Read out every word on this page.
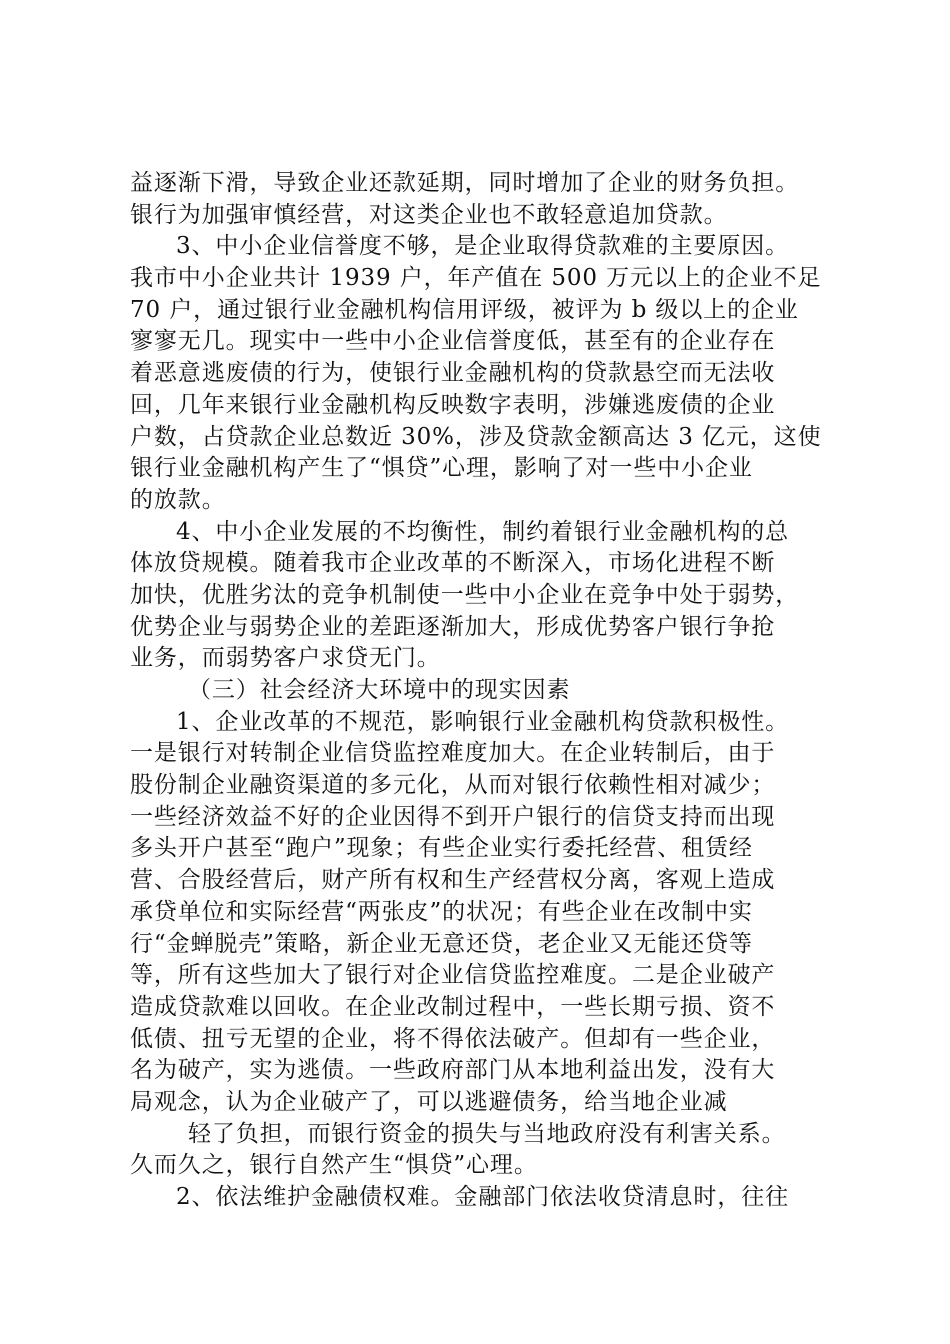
益逐渐下滑，导致企业还款延期，同时增加了企业的财务负担。
银行为加强审慎经营，对这类企业也不敢轻意追加贷款。
3、中小企业信誉度不够，是企业取得贷款难的主要原因。
我市中小企业共计 1939 户，年产值在 500 万元以上的企业不足
70 户，通过银行业金融机构信用评级，被评为 b 级以上的企业
寥寥无几。现实中一些中小企业信誉度低，甚至有的企业存在
着恶意逃废债的行为，使银行业金融机构的贷款悬空而无法收
回，几年来银行业金融机构反映数字表明，涉嫌逃废债的企业
户数，占贷款企业总数近 30%，涉及贷款金额高达 3 亿元，这使
银行业金融机构产生了“惧贷”心理，影响了对一些中小企业
的放款。
4、中小企业发展的不均衡性，制约着银行业金融机构的总
体放贷规模。随着我市企业改革的不断深入，市场化进程不断
加快，优胜劣汰的竞争机制使一些中小企业在竞争中处于弱势，
优势企业与弱势企业的差距逐渐加大，形成优势客户银行争抢
业务，而弱势客户求贷无门。
（三）社会经济大环境中的现实因素
1、企业改革的不规范，影响银行业金融机构贷款积极性。
一是银行对转制企业信贷监控难度加大。在企业转制后，由于
股份制企业融资渠道的多元化，从而对银行依赖性相对减少；
一些经济效益不好的企业因得不到开户银行的信贷支持而出现
多头开户甚至“跑户”现象；有些企业实行委托经营、租赁经
营、合股经营后，财产所有权和生产经营权分离，客观上造成
承贷单位和实际经营“两张皮”的状况；有些企业在改制中实
行“金蝉脱壳”策略，新企业无意还贷，老企业又无能还贷等
等，所有这些加大了银行对企业信贷监控难度。二是企业破产
造成贷款难以回收。在企业改制过程中，一些长期亏损、资不
低债、扭亏无望的企业，将不得依法破产。但却有一些企业，
名为破产，实为逃债。一些政府部门从本地利益出发，没有大
局观念，认为企业破产了，可以逃避债务，给当地企业减
轻了负担，而银行资金的损失与当地政府没有利害关系。
久而久之，银行自然产生“惧贷”心理。
2、依法维护金融债权难。金融部门依法收贷清息时，往往
